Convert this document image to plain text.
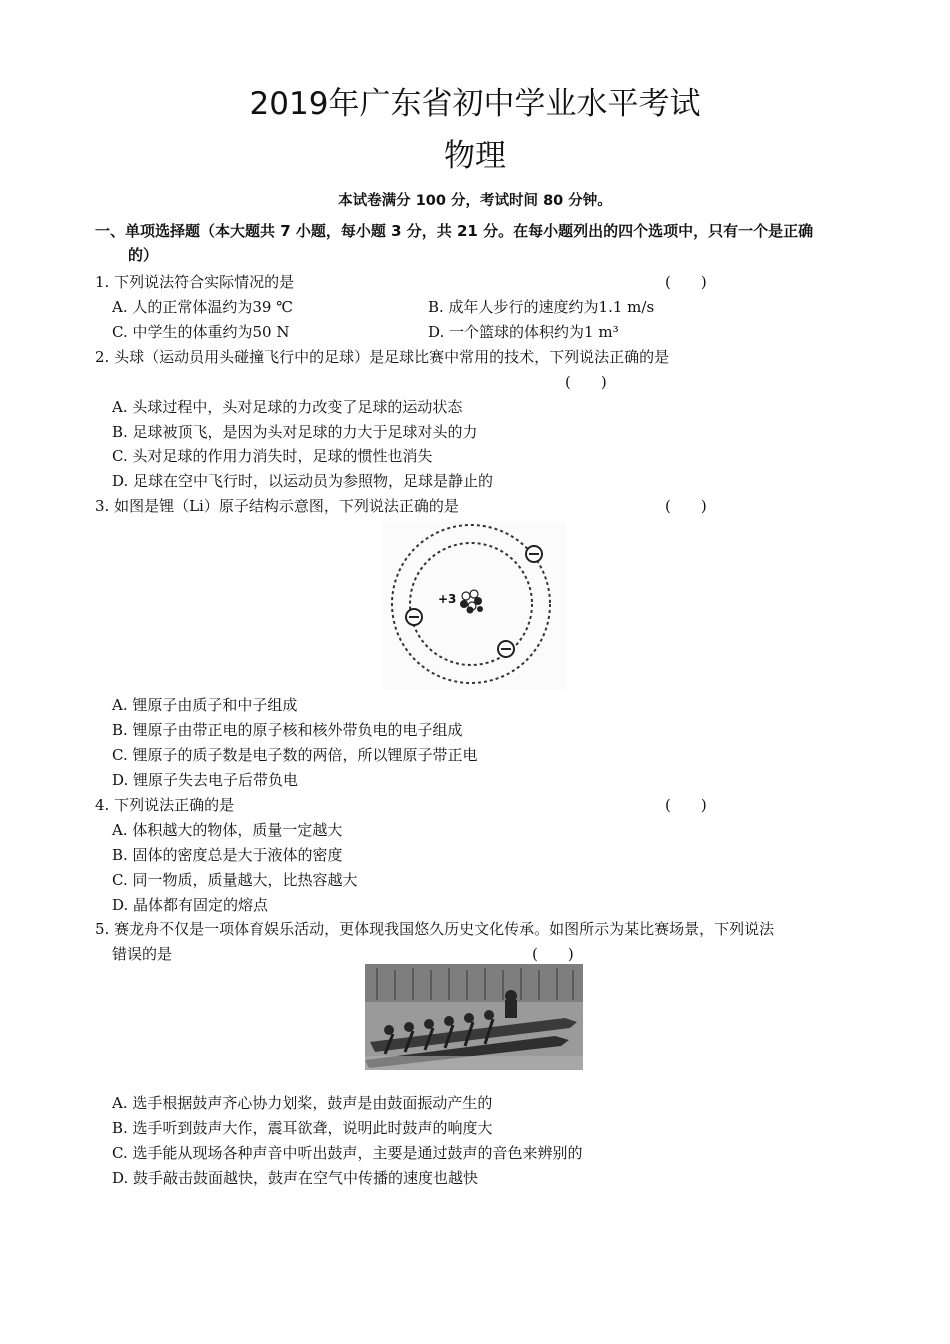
2019年广东省初中学业水平考试
物理
本试卷满分 100 分，考试时间 80 分钟。
一、单项选择题（本大题共 7 小题，每小题 3 分，共 21 分。在每小题列出的四个选项中，只有一个是正确
的）
1. 下列说法符合实际情况的是	(　　)
A. 人的正常体温约为39 ℃	B. 成年人步行的速度约为1.1 m/s
C. 中学生的体重约为50 N	D. 一个篮球的体积约为1 m³
2. 头球（运动员用头碰撞飞行中的足球）是足球比赛中常用的技术，下列说法正确的是
(　　)
A. 头球过程中，头对足球的力改变了足球的运动状态
B. 足球被顶飞，是因为头对足球的力大于足球对头的力
C. 头对足球的作用力消失时，足球的惯性也消失
D. 足球在空中飞行时，以运动员为参照物，足球是静止的
3. 如图是锂（Li）原子结构示意图，下列说法正确的是	(　　)
+3
A. 锂原子由质子和中子组成
B. 锂原子由带正电的原子核和核外带负电的电子组成
C. 锂原子的质子数是电子数的两倍，所以锂原子带正电
D. 锂原子失去电子后带负电
4. 下列说法正确的是	(　　)
A. 体积越大的物体，质量一定越大
B. 固体的密度总是大于液体的密度
C. 同一物质，质量越大，比热容越大
D. 晶体都有固定的熔点
5. 赛龙舟不仅是一项体育娱乐活动，更体现我国悠久历史文化传承。如图所示为某比赛场景，下列说法
错误的是	(　　)
A. 选手根据鼓声齐心协力划桨，鼓声是由鼓面振动产生的
B. 选手听到鼓声大作，震耳欲聋，说明此时鼓声的响度大
C. 选手能从现场各种声音中听出鼓声，主要是通过鼓声的音色来辨别的
D. 鼓手敲击鼓面越快，鼓声在空气中传播的速度也越快
